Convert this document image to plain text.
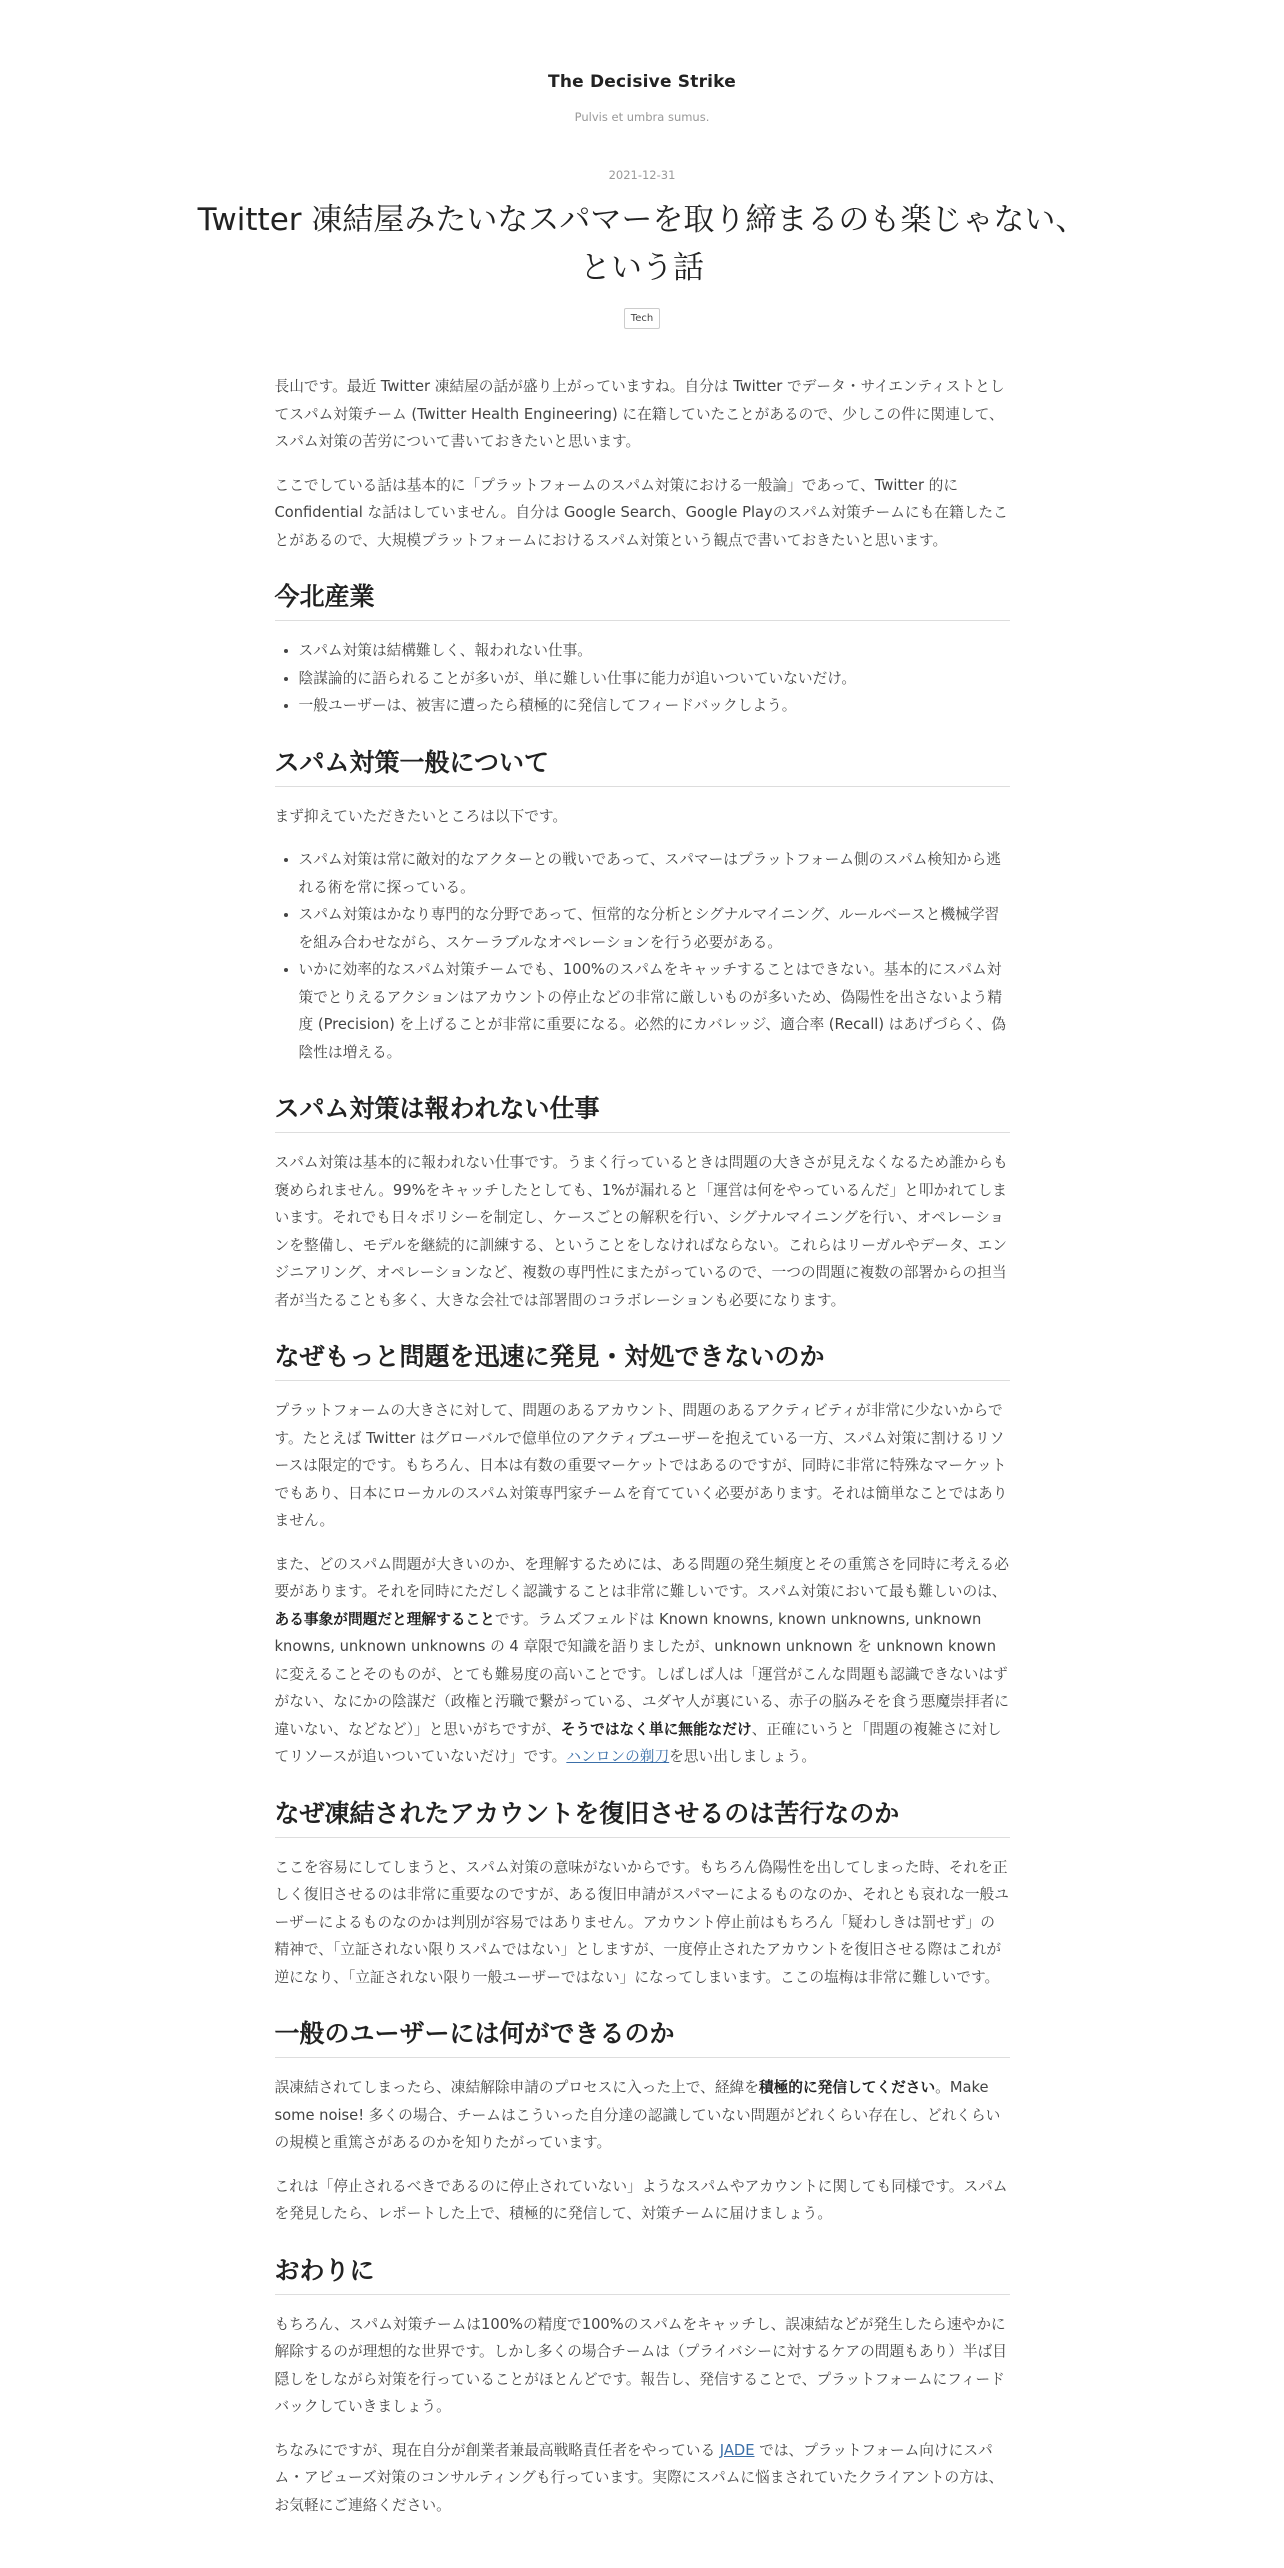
The Decisive Strike
Pulvis et umbra sumus.
2021-12-31
Twitter 凍結屋みたいなスパマーを取り締まるのも楽じゃない、という話
Tech

長山です。最近 Twitter 凍結屋の話が盛り上がっていますね。自分は Twitter でデータ・サイエンティストとしてスパム対策チーム (Twitter Health Engineering) に在籍していたことがあるので、少しこの件に関連して、スパム対策の苦労について書いておきたいと思います。

ここでしている話は基本的に「プラットフォームのスパム対策における一般論」であって、Twitter 的に Confidential な話はしていません。自分は Google Search、Google Playのスパム対策チームにも在籍したことがあるので、大規模プラットフォームにおけるスパム対策という観点で書いておきたいと思います。

今北産業
• スパム対策は結構難しく、報われない仕事。
• 陰謀論的に語られることが多いが、単に難しい仕事に能力が追いついていないだけ。
• 一般ユーザーは、被害に遭ったら積極的に発信してフィードバックしよう。
スパム対策一般について

まず抑えていただきたいところは以下です。

• スパム対策は常に敵対的なアクターとの戦いであって、スパマーはプラットフォーム側のスパム検知から逃れる術を常に探っている。
• スパム対策はかなり専門的な分野であって、恒常的な分析とシグナルマイニング、ルールベースと機械学習を組み合わせながら、スケーラブルなオペレーションを行う必要がある。
• いかに効率的なスパム対策チームでも、100%のスパムをキャッチすることはできない。基本的にスパム対策でとりえるアクションはアカウントの停止などの非常に厳しいものが多いため、偽陽性を出さないよう精度 (Precision) を上げることが非常に重要になる。必然的にカバレッジ、適合率 (Recall) はあげづらく、偽陰性は増える。
スパム対策は報われない仕事

スパム対策は基本的に報われない仕事です。うまく行っているときは問題の大きさが見えなくなるため誰からも褒められません。99%をキャッチしたとしても、1%が漏れると「運営は何をやっているんだ」と叩かれてしまいます。それでも日々ポリシーを制定し、ケースごとの解釈を行い、シグナルマイニングを行い、オペレーションを整備し、モデルを継続的に訓練する、ということをしなければならない。これらはリーガルやデータ、エンジニアリング、オペレーションなど、複数の専門性にまたがっているので、一つの問題に複数の部署からの担当者が当たることも多く、大きな会社では部署間のコラボレーションも必要になります。

なぜもっと問題を迅速に発見・対処できないのか

プラットフォームの大きさに対して、問題のあるアカウント、問題のあるアクティビティが非常に少ないからです。たとえば Twitter はグローバルで億単位のアクティブユーザーを抱えている一方、スパム対策に割けるリソースは限定的です。もちろん、日本は有数の重要マーケットではあるのですが、同時に非常に特殊なマーケットでもあり、日本にローカルのスパム対策専門家チームを育てていく必要があります。それは簡単なことではありません。

また、どのスパム問題が大きいのか、を理解するためには、ある問題の発生頻度とその重篤さを同時に考える必要があります。それを同時にただしく認識することは非常に難しいです。スパム対策において最も難しいのは、ある事象が問題だと理解することです。ラムズフェルドは Known knowns, known unknowns, unknown knowns, unknown unknowns の 4 章限で知識を語りましたが、unknown unknown を unknown known に変えることそのものが、とても難易度の高いことです。しばしば人は「運営がこんな問題も認識できないはずがない、なにかの陰謀だ（政権と汚職で繋がっている、ユダヤ人が裏にいる、赤子の脳みそを食う悪魔崇拝者に違いない、などなど）」と思いがちですが、そうではなく単に無能なだけ、正確にいうと「問題の複雑さに対してリソースが追いついていないだけ」です。ハンロンの剃刀を思い出しましょう。

なぜ凍結されたアカウントを復旧させるのは苦行なのか

ここを容易にしてしまうと、スパム対策の意味がないからです。もちろん偽陽性を出してしまった時、それを正しく復旧させるのは非常に重要なのですが、ある復旧申請がスパマーによるものなのか、それとも哀れな一般ユーザーによるものなのかは判別が容易ではありません。アカウント停止前はもちろん「疑わしきは罰せず」の精神で、「立証されない限りスパムではない」としますが、一度停止されたアカウントを復旧させる際はこれが逆になり、「立証されない限り一般ユーザーではない」になってしまいます。ここの塩梅は非常に難しいです。

一般のユーザーには何ができるのか

誤凍結されてしまったら、凍結解除申請のプロセスに入った上で、経緯を積極的に発信してください。Make some noise! 多くの場合、チームはこういった自分達の認識していない問題がどれくらい存在し、どれくらいの規模と重篤さがあるのかを知りたがっています。

これは「停止されるべきであるのに停止されていない」ようなスパムやアカウントに関しても同様です。スパムを発見したら、レポートした上で、積極的に発信して、対策チームに届けましょう。

おわりに

もちろん、スパム対策チームは100%の精度で100%のスパムをキャッチし、誤凍結などが発生したら速やかに解除するのが理想的な世界です。しかし多くの場合チームは（プライバシーに対するケアの問題もあり）半ば目隠しをしながら対策を行っていることがほとんどです。報告し、発信することで、プラットフォームにフィードバックしていきましょう。

ちなみにですが、現在自分が創業者兼最高戦略責任者をやっている JADE では、プラットフォーム向けにスパム・アビューズ対策のコンサルティングも行っています。実際にスパムに悩まされていたクライアントの方は、お気軽にご連絡ください。
